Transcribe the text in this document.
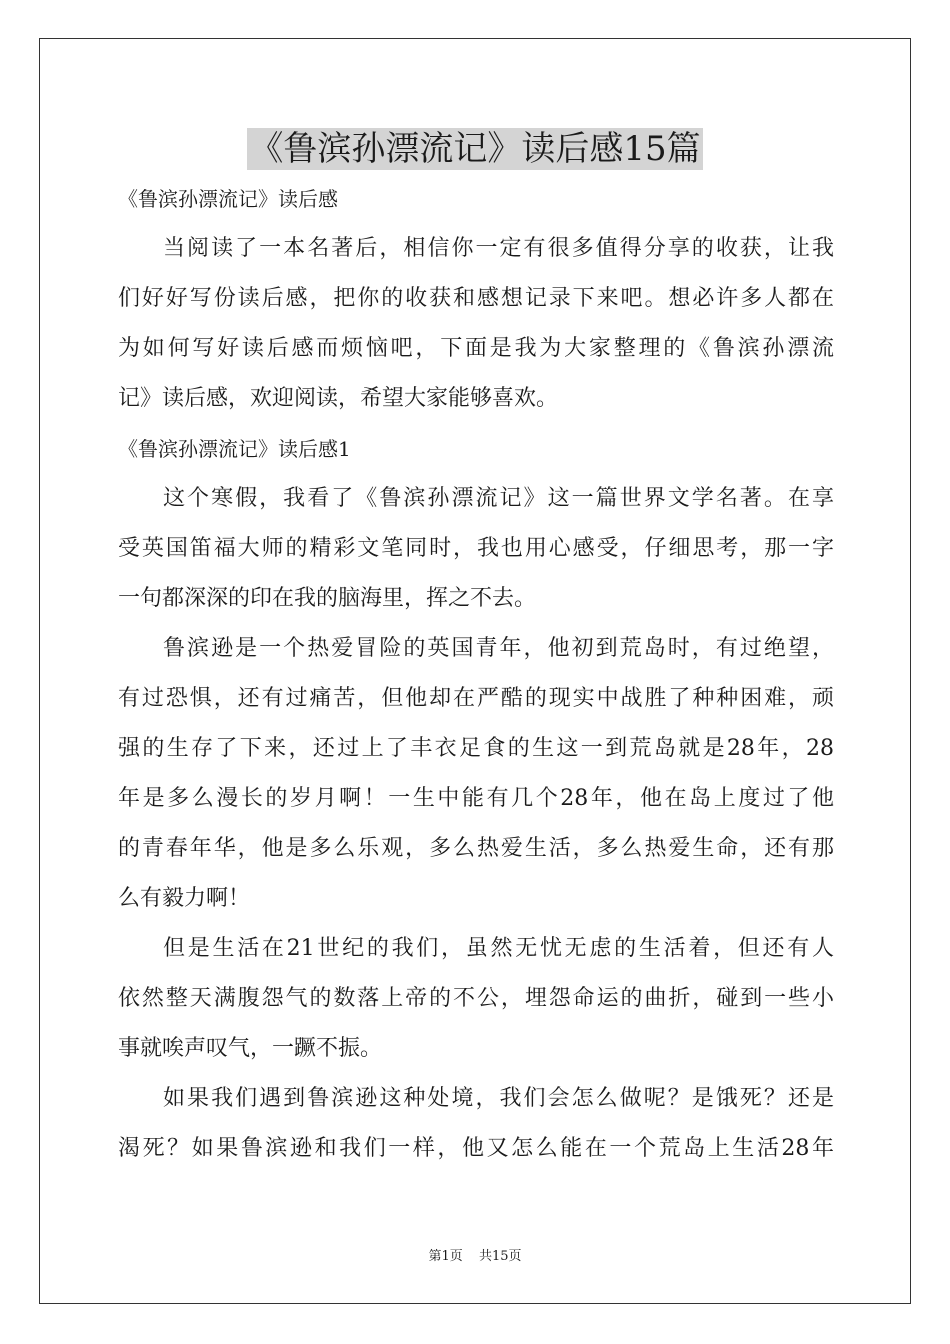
《鲁滨孙漂流记》读后感15篇
《鲁滨孙漂流记》读后感
当阅读了一本名著后，相信你一定有很多值得分享的收获，让我
们好好写份读后感，把你的收获和感想记录下来吧。想必许多人都在
为如何写好读后感而烦恼吧，下面是我为大家整理的《鲁滨孙漂流
记》读后感，欢迎阅读，希望大家能够喜欢。
《鲁滨孙漂流记》读后感1
这个寒假，我看了《鲁滨孙漂流记》这一篇世界文学名著。在享
受英国笛福大师的精彩文笔同时，我也用心感受，仔细思考，那一字
一句都深深的印在我的脑海里，挥之不去。
鲁滨逊是一个热爱冒险的英国青年，他初到荒岛时，有过绝望，
有过恐惧，还有过痛苦，但他却在严酷的现实中战胜了种种困难，顽
强的生存了下来，还过上了丰衣足食的生这一到荒岛就是28年，28
年是多么漫长的岁月啊！一生中能有几个28年，他在岛上度过了他
的青春年华，他是多么乐观，多么热爱生活，多么热爱生命，还有那
么有毅力啊！
但是生活在21世纪的我们，虽然无忧无虑的生活着，但还有人
依然整天满腹怨气的数落上帝的不公，埋怨命运的曲折，碰到一些小
事就唉声叹气，一蹶不振。
如果我们遇到鲁滨逊这种处境，我们会怎么做呢？是饿死？还是
渴死？如果鲁滨逊和我们一样，他又怎么能在一个荒岛上生活28年
第1页 共15页
